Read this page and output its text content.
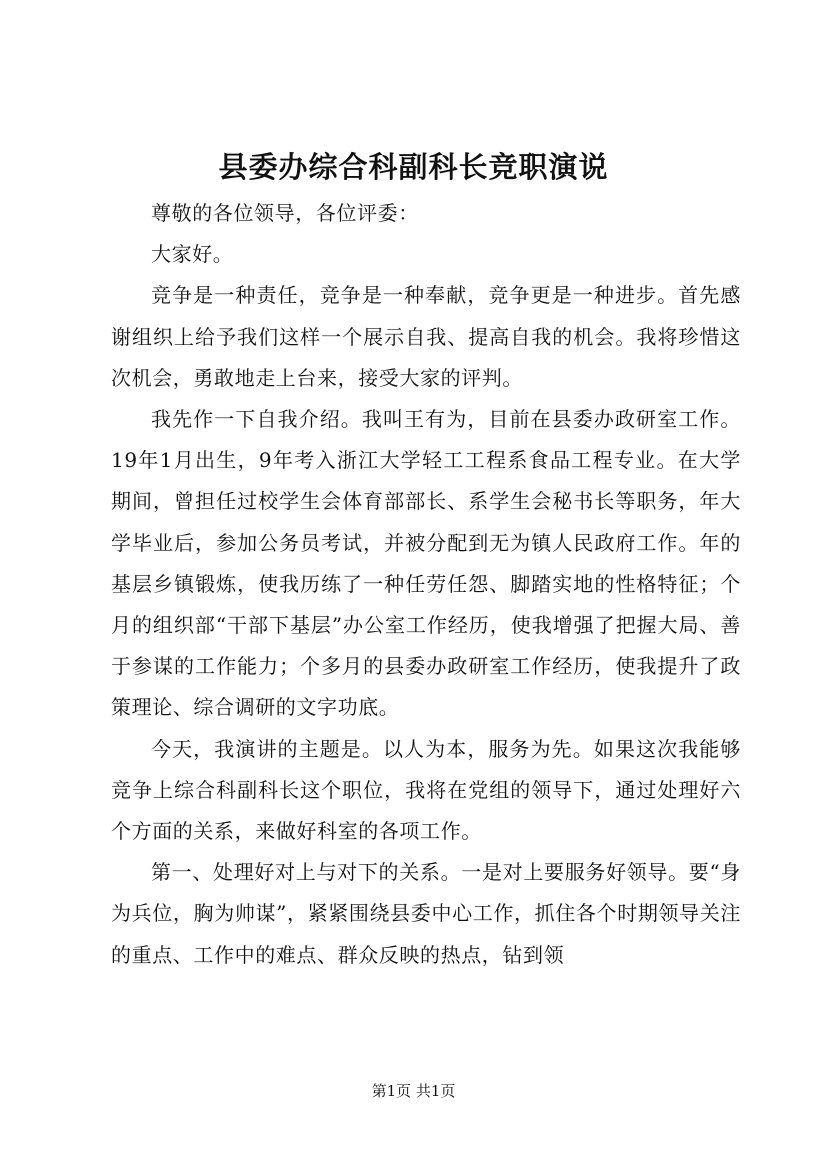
县委办综合科副科长竞职演说

尊敬的各位领导，各位评委：

大家好。

竞争是一种责任，竞争是一种奉献，竞争更是一种进步。首先感谢组织上给予我们这样一个展示自我、提高自我的机会。我将珍惜这次机会，勇敢地走上台来，接受大家的评判。

我先作一下自我介绍。我叫王有为，目前在县委办政研室工作。19年1月出生，9年考入浙江大学轻工工程系食品工程专业。在大学期间，曾担任过校学生会体育部部长、系学生会秘书长等职务，年大学毕业后，参加公务员考试，并被分配到无为镇人民政府工作。年的基层乡镇锻炼，使我历练了一种任劳任怨、脚踏实地的性格特征；个月的组织部“干部下基层”办公室工作经历，使我增强了把握大局、善于参谋的工作能力；个多月的县委办政研室工作经历，使我提升了政策理论、综合调研的文字功底。

今天，我演讲的主题是。以人为本，服务为先。如果这次我能够竞争上综合科副科长这个职位，我将在党组的领导下，通过处理好六个方面的关系，来做好科室的各项工作。

第一、处理好对上与对下的关系。一是对上要服务好领导。要“身为兵位，胸为帅谋”，紧紧围绕县委中心工作，抓住各个时期领导关注的重点、工作中的难点、群众反映的热点，钻到领

第1页 共1页
